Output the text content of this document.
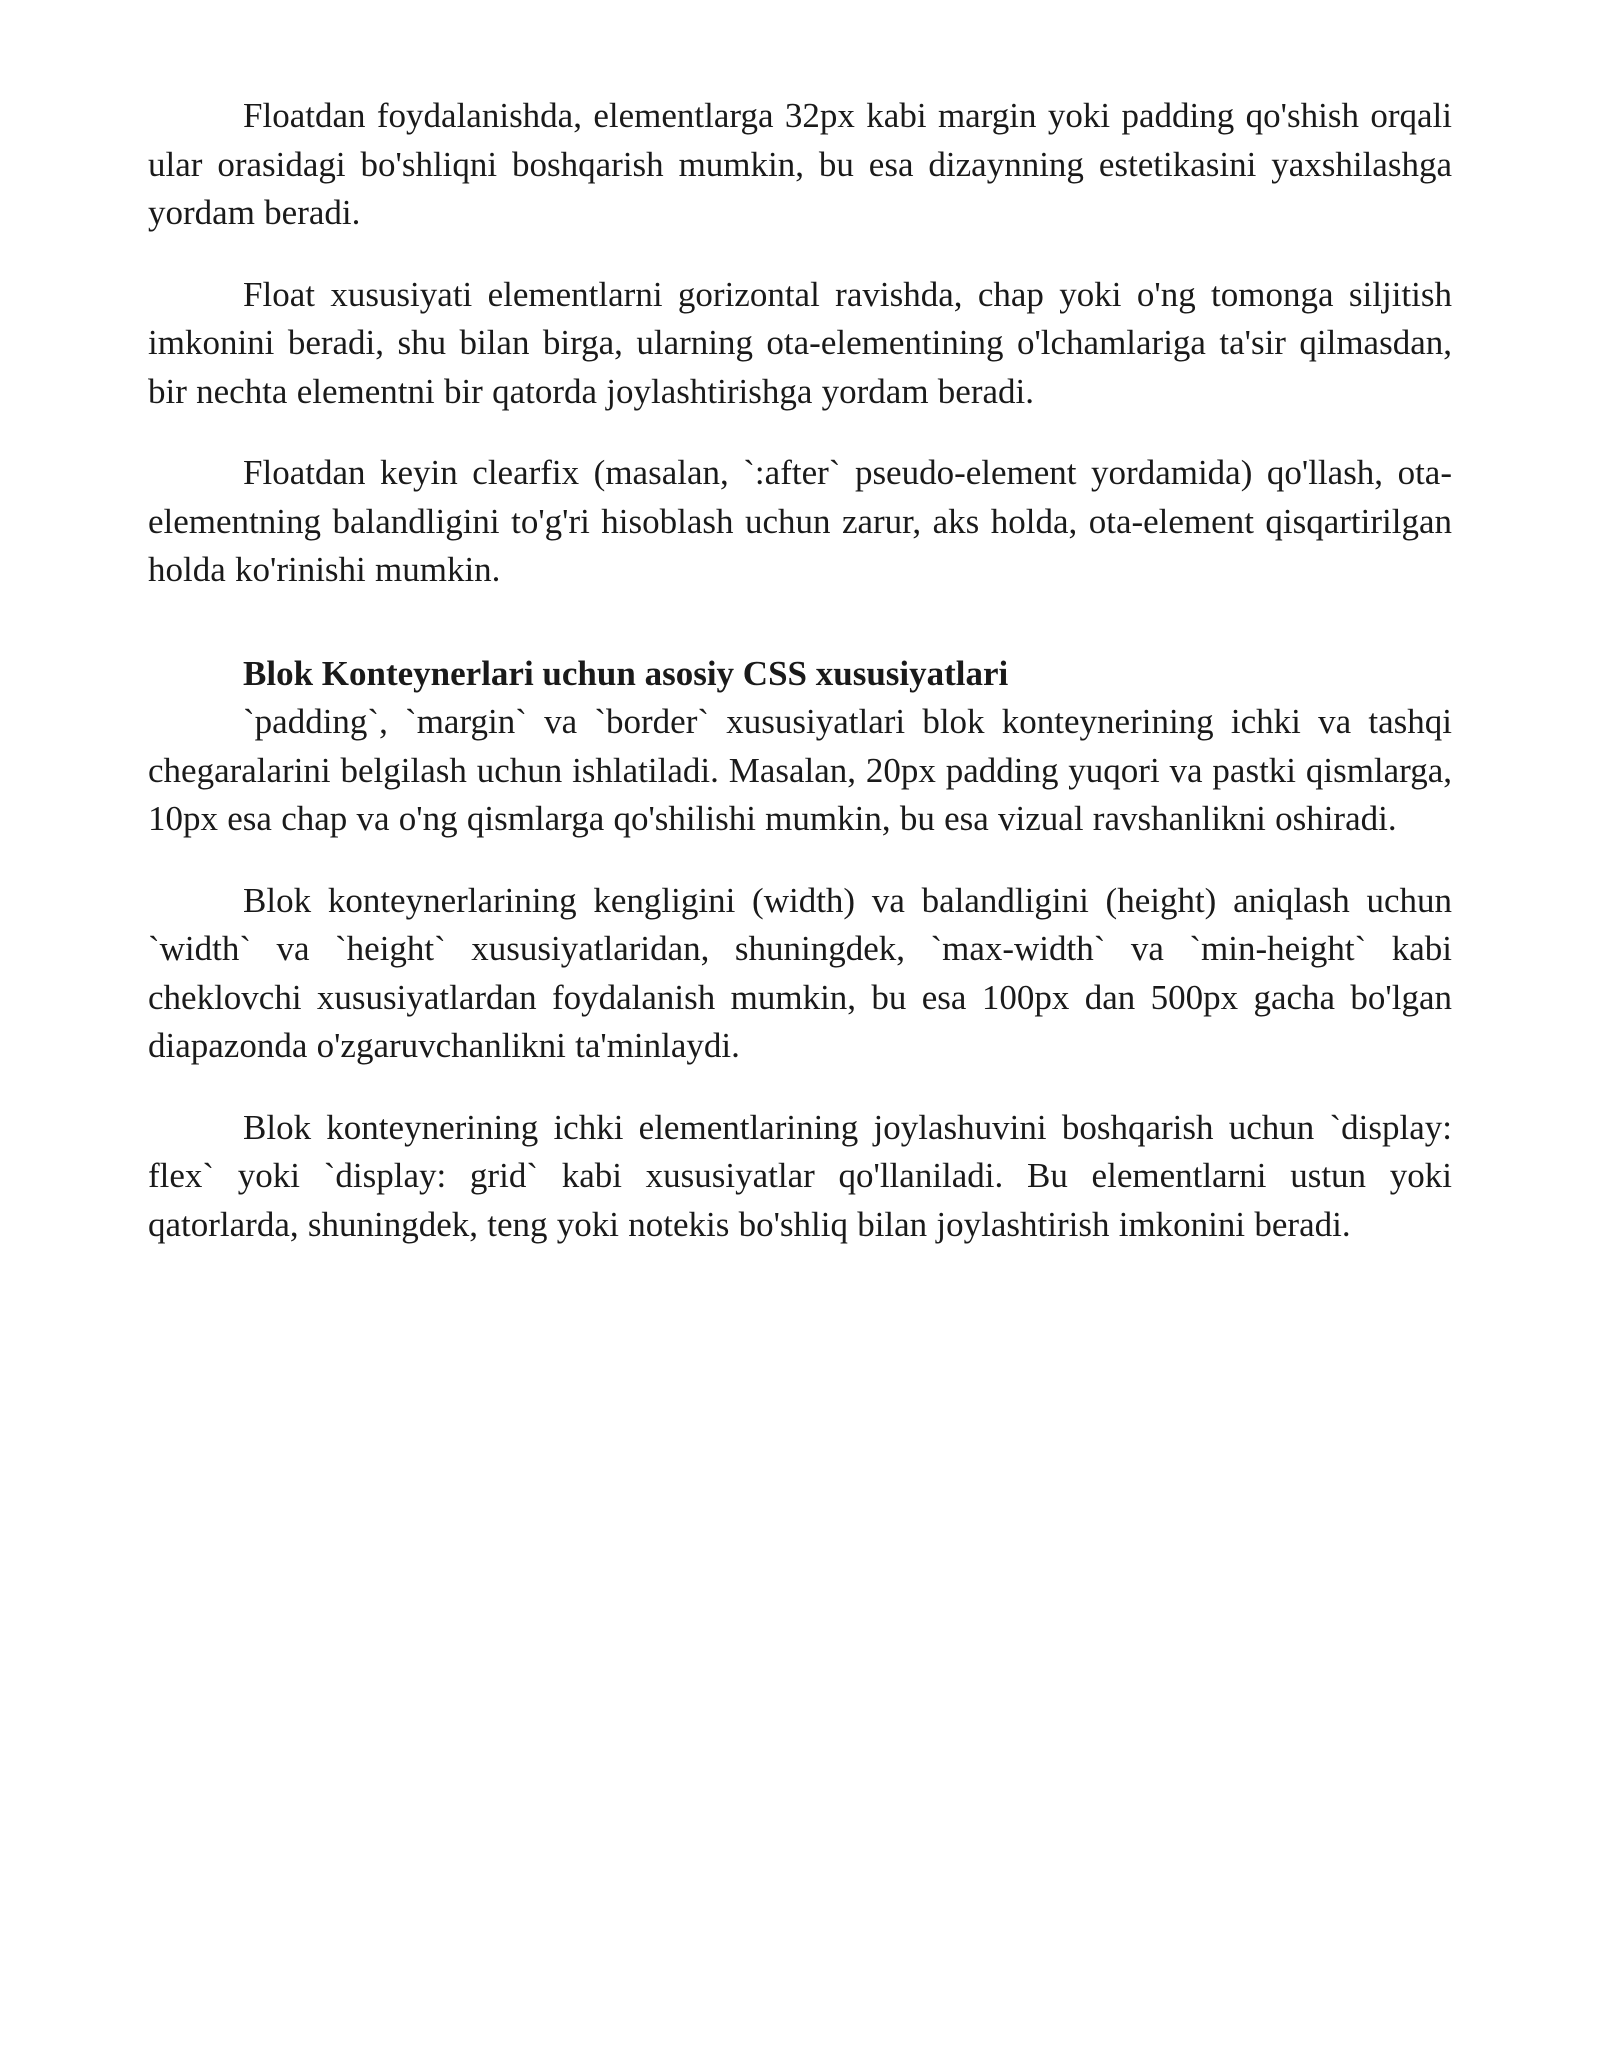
Floatdan foydalanishda, elementlarga 32px kabi margin yoki padding qo'shish orqali ular orasidagi bo'shliqni boshqarish mumkin, bu esa dizaynning estetikasini yaxshilashga yordam beradi.

Float xususiyati elementlarni gorizontal ravishda, chap yoki o'ng tomonga siljitish imkonini beradi, shu bilan birga, ularning ota-elementining o'lchamlariga ta'sir qilmasdan, bir nechta elementni bir qatorda joylashtirishga yordam beradi.

Floatdan keyin clearfix (masalan, `:after` pseudo-element yordamida) qo'llash, ota-elementning balandligini to'g'ri hisoblash uchun zarur, aks holda, ota-element qisqartirilgan holda ko'rinishi mumkin.

Blok Konteynerlari uchun asosiy CSS xususiyatlari

`padding`, `margin` va `border` xususiyatlari blok konteynerining ichki va tashqi chegaralarini belgilash uchun ishlatiladi. Masalan, 20px padding yuqori va pastki qismlarga, 10px esa chap va o'ng qismlarga qo'shilishi mumkin, bu esa vizual ravshanlikni oshiradi.

Blok konteynerlarining kengligini (width) va balandligini (height) aniqlash uchun `width` va `height` xususiyatlaridan, shuningdek, `max-width` va `min-height` kabi cheklovchi xususiyatlardan foydalanish mumkin, bu esa 100px dan 500px gacha bo'lgan diapazonda o'zgaruvchanlikni ta'minlaydi.

Blok konteynerining ichki elementlarining joylashuvini boshqarish uchun `display: flex` yoki `display: grid` kabi xususiyatlar qo'llaniladi. Bu elementlarni ustun yoki qatorlarda, shuningdek, teng yoki notekis bo'shliq bilan joylashtirish imkonini beradi.
